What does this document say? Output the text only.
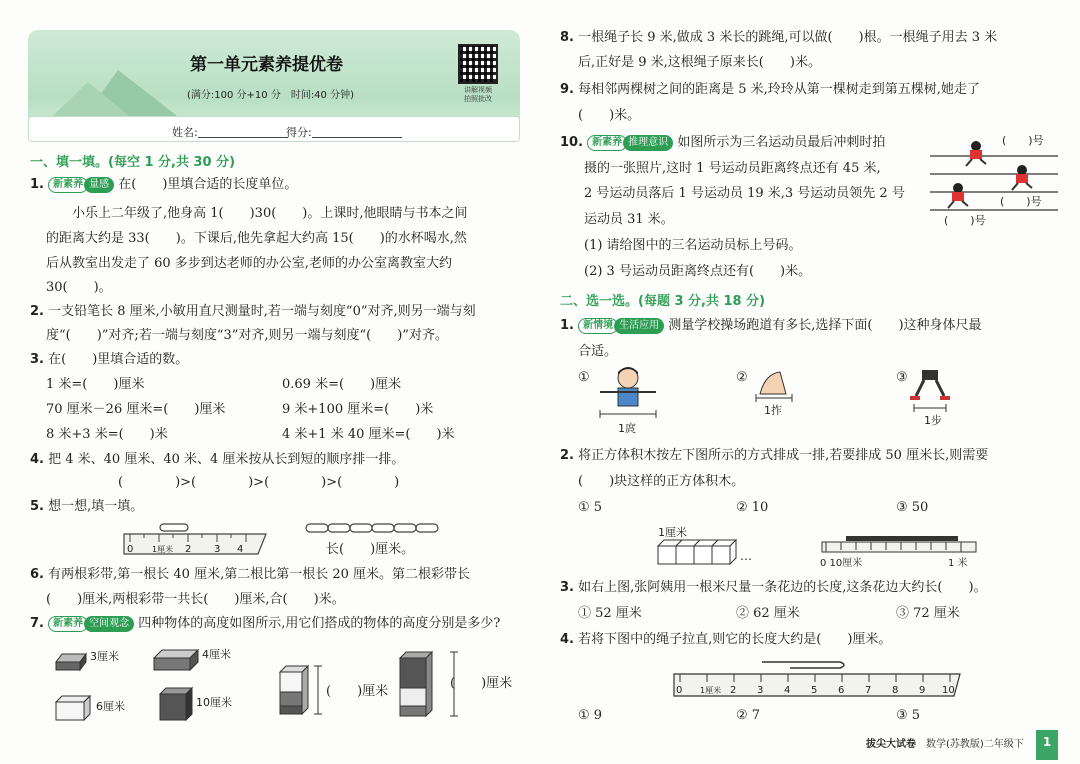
第一单元素养提优卷
(满分:100 分+10 分　时间:40 分钟)	讲解视频
拍照批改
姓名:	得分:
一、填一填。(每空 1 分,共 30 分)
1. 新素养 量感 在(　　)里填合适的长度单位。
小乐上二年级了,他身高 1(　　)30(　　)。上课时,他眼睛与书本之间
的距离大约是 33(　　)。下课后,他先拿起大约高 15(　　)的水杯喝水,然
后从教室出发走了 60 多步到达老师的办公室,老师的办公室离教室大约
30(　　)。
2. 一支铅笔长 8 厘米,小敏用直尺测量时,若一端与刻度“0”对齐,则另一端与刻
度“(　　)”对齐;若一端与刻度“3”对齐,则另一端与刻度“(　　)”对齐。
3. 在(　　)里填合适的数。
1 米=(　　)厘米	0.69 米=(　　)厘米
70 厘米－26 厘米=(　　)厘米	9 米+100 厘米=(　　)米
8 米+3 米=(　　)米	4 米+1 米 40 厘米=(　　)米
4. 把 4 米、40 厘米、40 米、4 厘米按从长到短的顺序排一排。
(　　　　)>(　　　　)>(　　　　)>(　　　　)
5. 想一想,填一填。
0 1厘米 2 3 4	长(　　)厘米。
6. 有两根彩带,第一根长 40 厘米,第二根比第一根长 20 厘米。第二根彩带长
(　　)厘米,两根彩带一共长(　　)厘米,合(　　)米。
7. 新素养 空间观念 四种物体的高度如图所示,用它们搭成的物体的高度分别是多少?
3厘米	4厘米
6厘米	10厘米
(　　)厘米
(　　)厘米
8. 一根绳子长 9 米,做成 3 米长的跳绳,可以做(　　)根。一根绳子用去 3 米
后,正好是 9 米,这根绳子原来长(　　)米。
9. 每相邻两棵树之间的距离是 5 米,玲玲从第一棵树走到第五棵树,她走了
(　　)米。
10. 新素养 推理意识 如图所示为三名运动员最后冲刺时拍
摄的一张照片,这时 1 号运动员距离终点还有 45 米,
2 号运动员落后 1 号运动员 19 米,3 号运动员领先 2 号
运动员 31 米。
(1) 请给图中的三名运动员标上号码。
(2) 3 号运动员距离终点还有(　　)米。
(　　)号
(　　)号
(　　)号
二、选一选。(每题 3 分,共 18 分)
1. 新情境 生活应用 测量学校操场跑道有多长,选择下面(　　)这种身体尺最
合适。
①	②	③
1庹
1拃
1步
2. 将正方体积木按左下图所示的方式排成一排,若要排成 50 厘米长,则需要
(　　)块这样的正方体积木。
① 5	② 10	③ 50
1厘米
…
0 10厘米	1 米
3. 如右上图,张阿姨用一根米尺量一条花边的长度,这条花边大约长(　　)。
① 52 厘米	② 62 厘米	③ 72 厘米
4. 若将下图中的绳子拉直,则它的长度大约是(　　)厘米。
0 1厘米 2 3 4 5 6 7 8 9 10
① 9	② 7	③ 5
拔尖大试卷 数学(苏教版)二年级下	1
